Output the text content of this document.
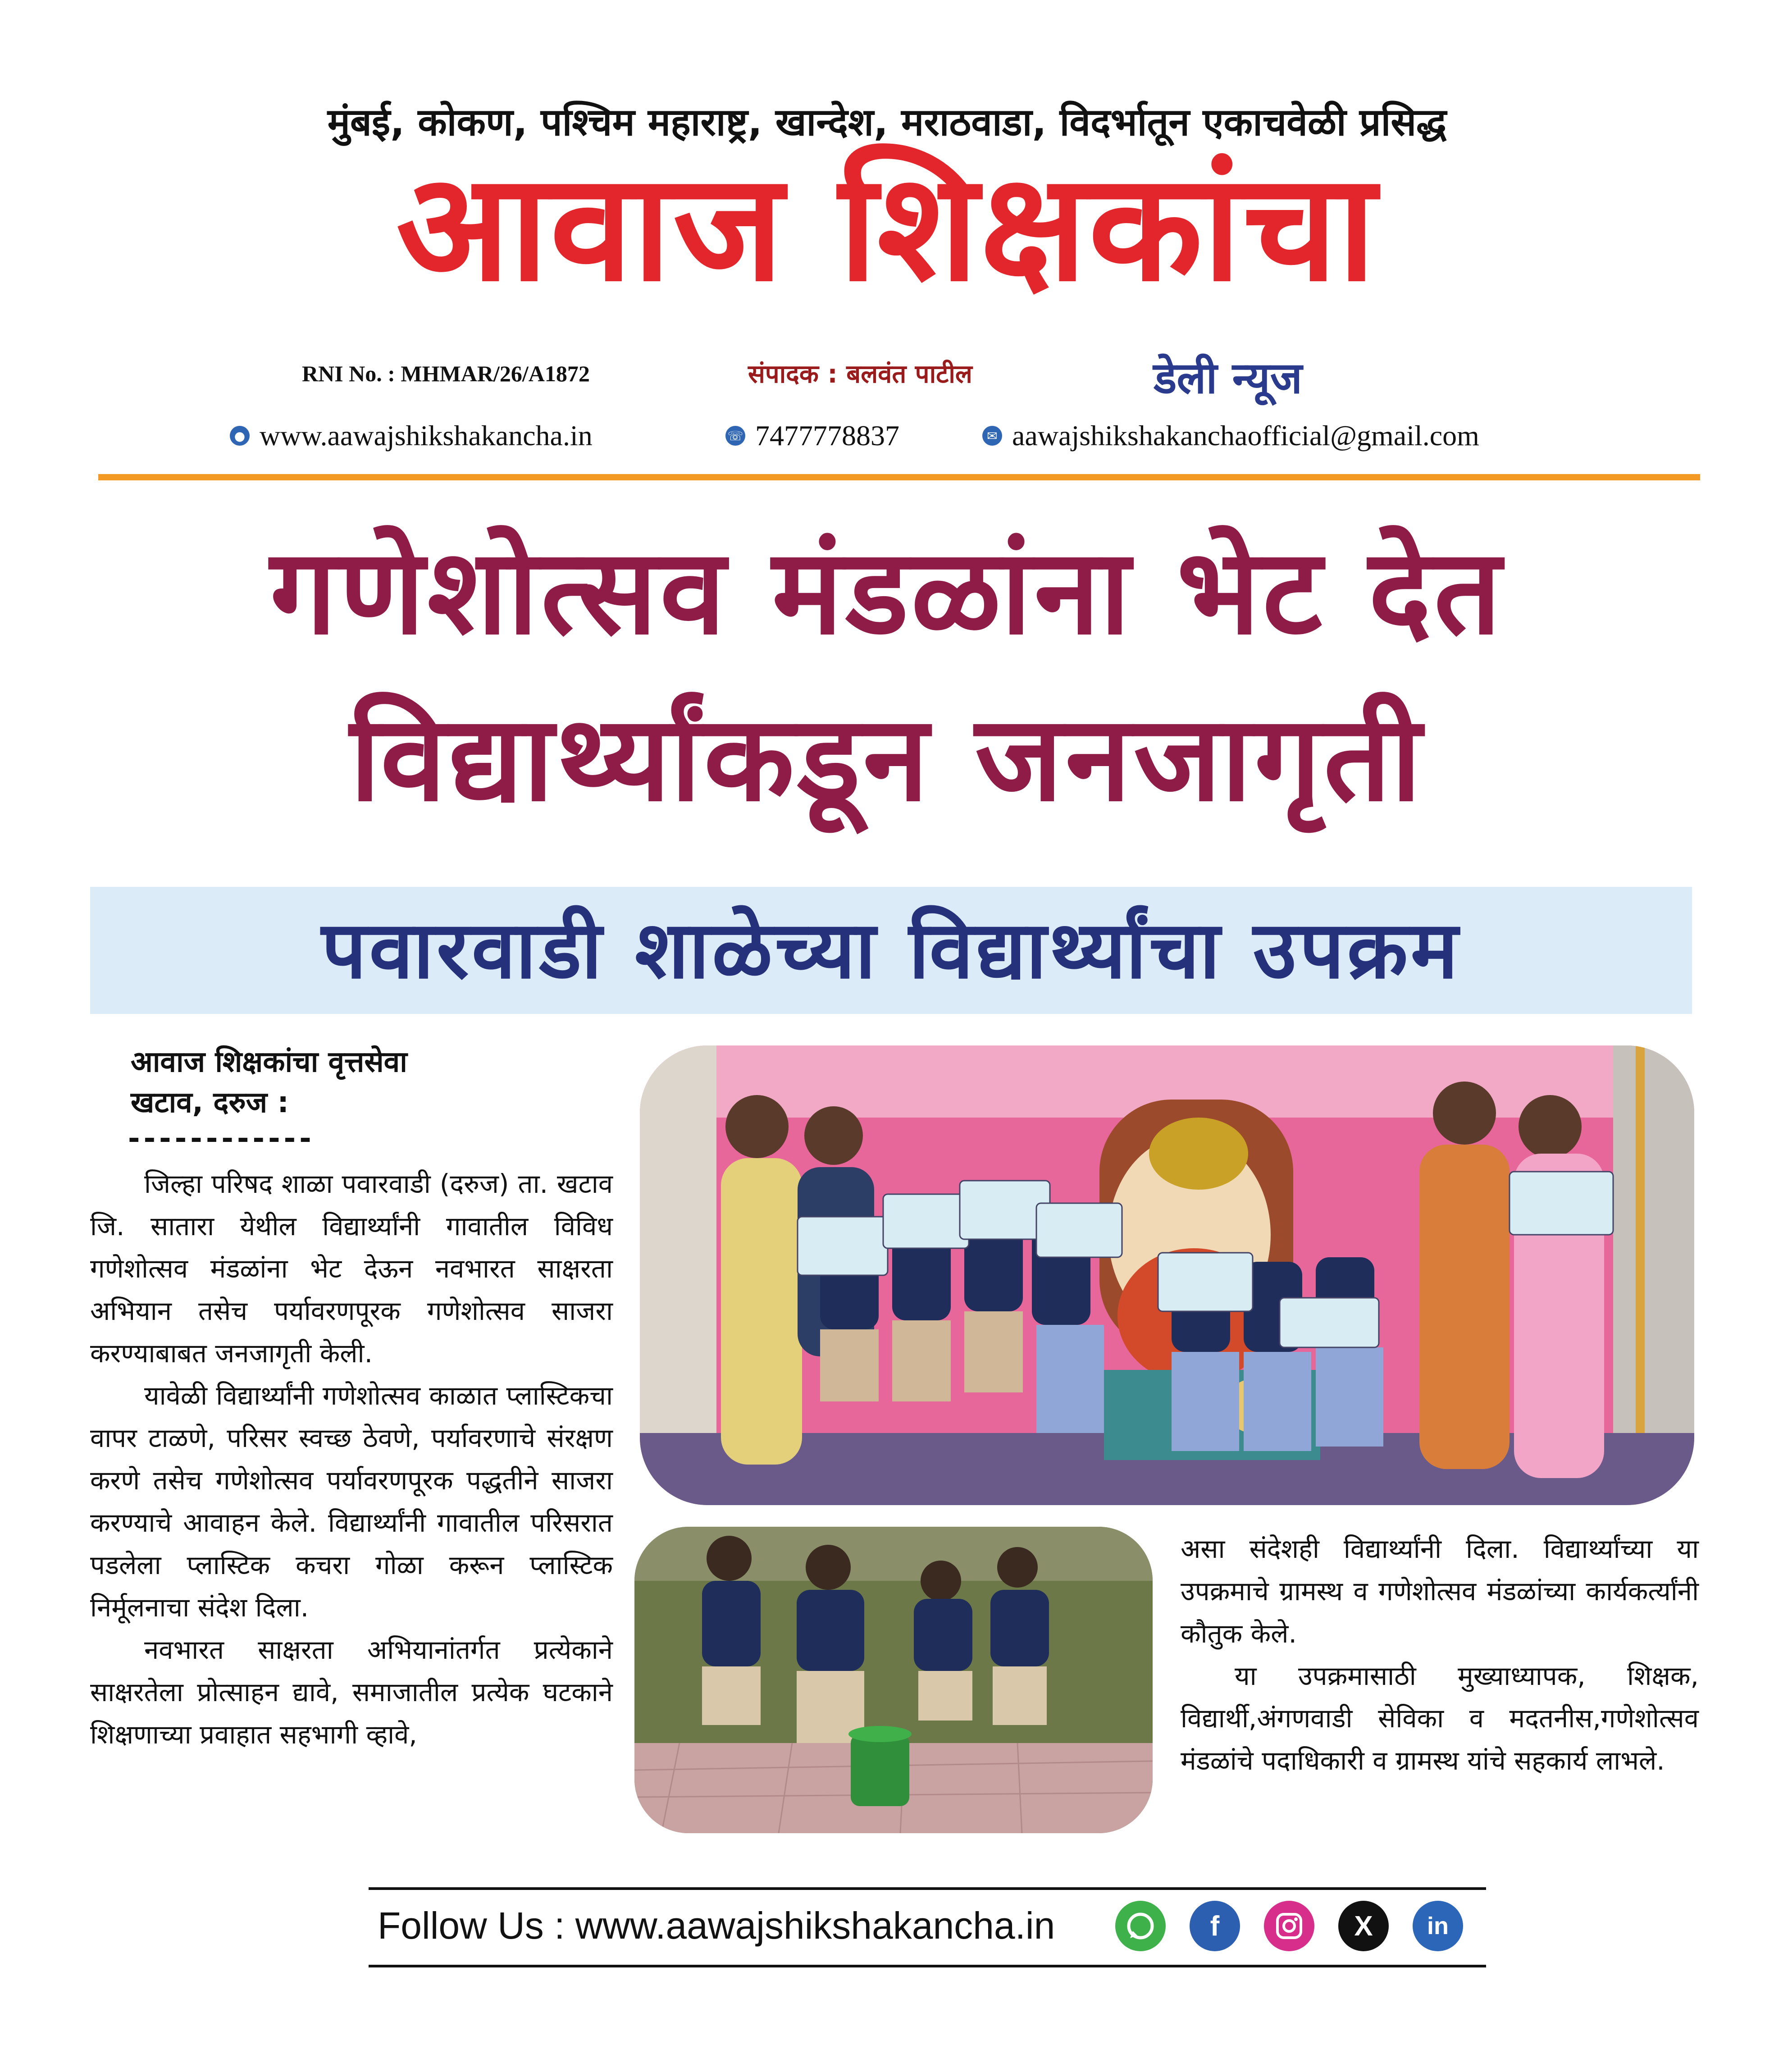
मुंबई, कोकण, पश्चिम महाराष्ट्र, खान्देश, मराठवाडा, विदर्भातून एकाचवेळी प्रसिद्ध
आवाज शिक्षकांचा
RNI No. : MHMAR/26/A1872	संपादक : बलवंत पाटील	डेली न्यूज
● www.aawajshikshakancha.in	☏ 7477778837	✉ aawajshikshakanchaofficial@gmail.com
गणेशोत्सव मंडळांना भेट देत
विद्यार्थ्यांकडून जनजागृती
पवारवाडी शाळेच्या विद्यार्थ्यांचा उपक्रम
आवाज शिक्षकांचा वृत्तसेवा
खटाव, दरुज :
------------

जिल्हा परिषद शाळा पवारवाडी (दरुज) ता. खटाव जि. सातारा येथील विद्यार्थ्यांनी गावातील विविध गणेशोत्सव मंडळांना भेट देऊन नवभारत साक्षरता अभियान तसेच पर्यावरणपूरक गणेशोत्सव साजरा करण्याबाबत जनजागृती केली.

यावेळी विद्यार्थ्यांनी गणेशोत्सव काळात प्लास्टिकचा वापर टाळणे, परिसर स्वच्छ ठेवणे, पर्यावरणाचे संरक्षण करणे तसेच गणेशोत्सव पर्यावरणपूरक पद्धतीने साजरा करण्याचे आवाहन केले. विद्यार्थ्यांनी गावातील परिसरात पडलेला प्लास्टिक कचरा गोळा करून प्लास्टिक निर्मूलनाचा संदेश दिला.

नवभारत साक्षरता अभियानांतर्गत प्रत्येकाने साक्षरतेला प्रोत्साहन द्यावे, समाजातील प्रत्येक घटकाने शिक्षणाच्या प्रवाहात सहभागी व्हावे,

असा संदेशही विद्यार्थ्यांनी दिला. विद्यार्थ्यांच्या या उपक्रमाचे ग्रामस्थ व गणेशोत्सव मंडळांच्या कार्यकर्त्यांनी कौतुक केले.

या उपक्रमासाठी मुख्याध्यापक, शिक्षक, विद्यार्थी,अंगणवाडी सेविका व मदतनीस,गणेशोत्सव मंडळांचे पदाधिकारी व ग्रामस्थ यांचे सहकार्य लाभले.

Follow Us : www.aawajshikshakancha.in	f	X	in
